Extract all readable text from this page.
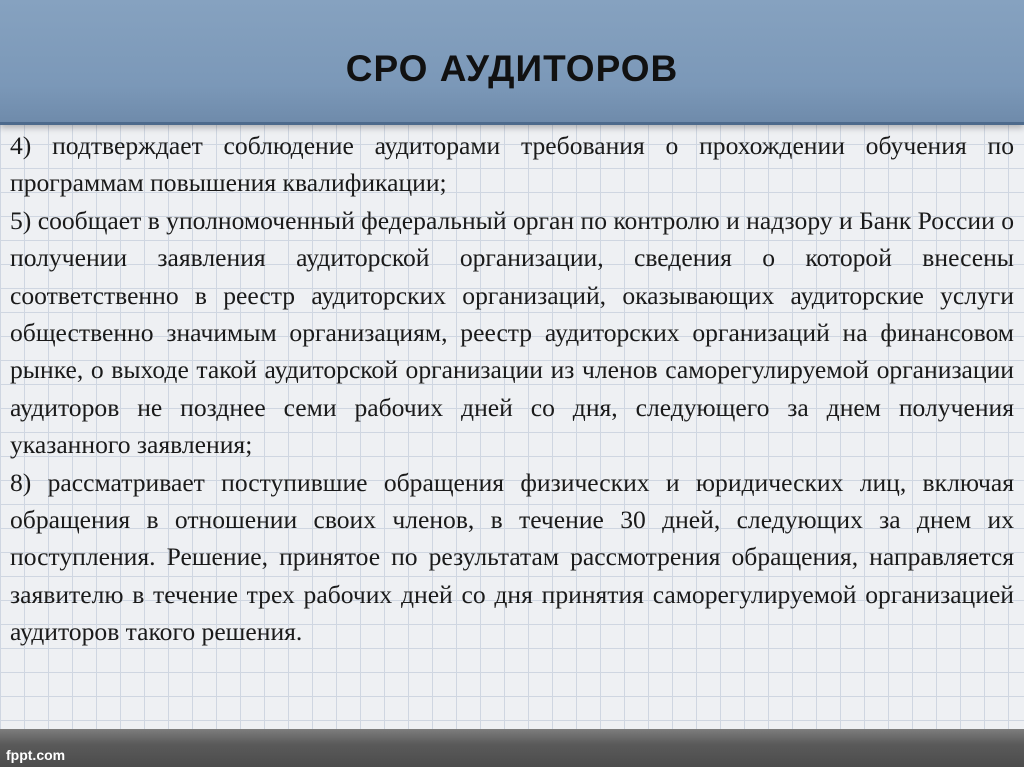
СРО АУДИТОРОВ

4) подтверждает соблюдение аудиторами требования о прохождении обучения по программам повышения квалификации;

5) сообщает в уполномоченный федеральный орган по контролю и надзору и Банк России о получении заявления аудиторской организации, сведения о которой внесены соответственно в реестр аудиторских организаций, оказывающих аудиторские услуги общественно значимым организациям, реестр аудиторских организаций на финансовом рынке, о выходе такой аудиторской организации из членов саморегулируемой организации аудиторов не позднее семи рабочих дней со дня, следующего за днем получения указанного заявления;

8) рассматривает поступившие обращения физических и юридических лиц, включая обращения в отношении своих членов, в течение 30 дней, следующих за днем их поступления. Решение, принятое по результатам рассмотрения обращения, направляется заявителю в течение трех рабочих дней со дня принятия саморегулируемой организацией аудиторов такого решения.

fppt.com
